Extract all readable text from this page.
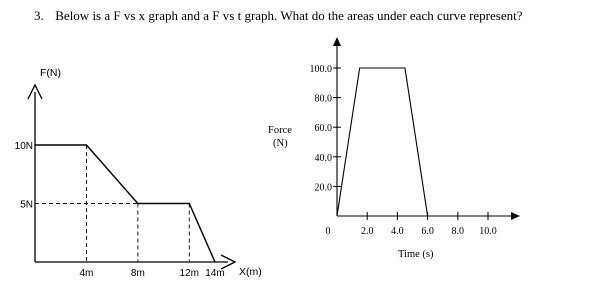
3. Below is a F vs x graph and a F vs t graph. What do the areas under each curve represent?
4m	8m	12m 14m
5N
10N
F(N)
X(m)
0	2.0 4.0 6.0 8.0 10.0
20.0
40.0
60.0
80.0
100.0
Force
(N)
Time (s)
